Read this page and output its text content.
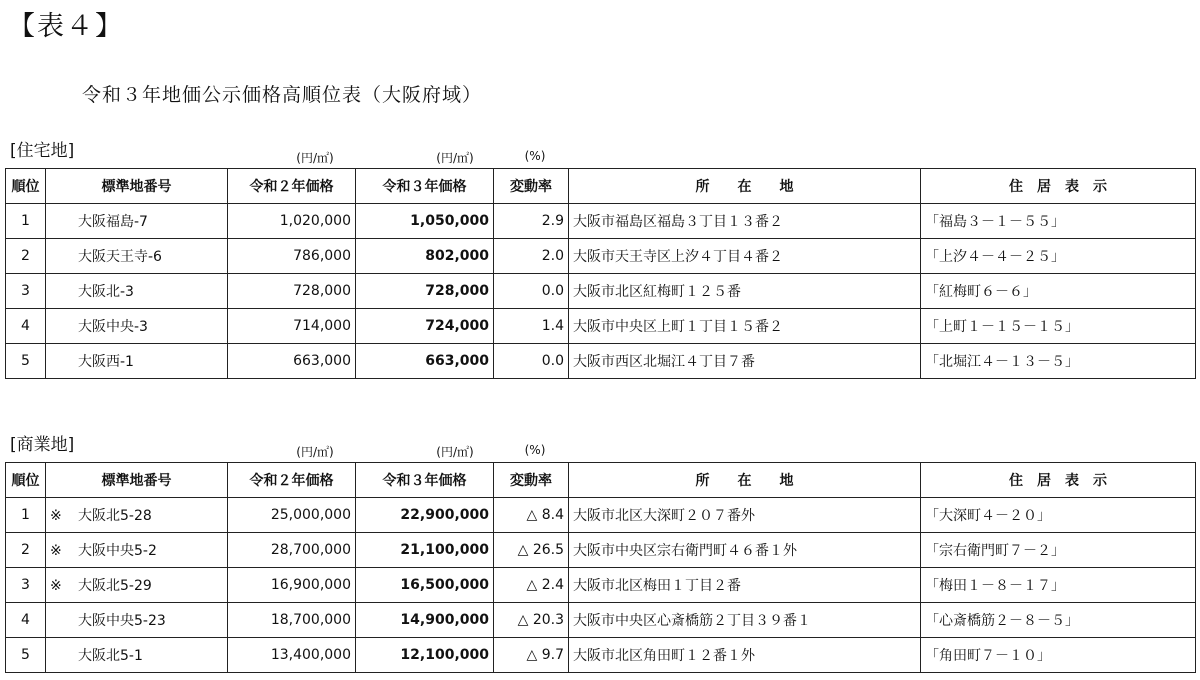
【表４】
令和３年地価公示価格高順位表（大阪府域）
[住宅地]	(円/㎡)	(円/㎡)	(%)
順位	標準地番号	令和２年価格	令和３年価格	変動率	所　　在　　地	住　居　表　示
1	大阪福島-7	1,020,000	1,050,000	2.9	大阪市福島区福島３丁目１３番２	「福島３－１－５５」
2	大阪天王寺-6	786,000	802,000	2.0	大阪市天王寺区上汐４丁目４番２	「上汐４－４－２５」
3	大阪北-3	728,000	728,000	0.0	大阪市北区紅梅町１２５番	「紅梅町６－６」
4	大阪中央-3	714,000	724,000	1.4	大阪市中央区上町１丁目１５番２	「上町１－１５－１５」
5	大阪西-1	663,000	663,000	0.0	大阪市西区北堀江４丁目７番	「北堀江４－１３－５」
[商業地]	(円/㎡)	(円/㎡)	(%)
順位	標準地番号	令和２年価格	令和３年価格	変動率	所　　在　　地	住　居　表　示
1	※ 大阪北5-28	25,000,000	22,900,000	△ 8.4	大阪市北区大深町２０７番外	「大深町４－２０」
2	※ 大阪中央5-2	28,700,000	21,100,000	△ 26.5	大阪市中央区宗右衛門町４６番１外	「宗右衛門町７－２」
3	※ 大阪北5-29	16,900,000	16,500,000	△ 2.4	大阪市北区梅田１丁目２番	「梅田１－８－１７」
4	大阪中央5-23	18,700,000	14,900,000	△ 20.3	大阪市中央区心斎橋筋２丁目３９番１	「心斎橋筋２－８－５」
5	大阪北5-1	13,400,000	12,100,000	△ 9.7	大阪市北区角田町１２番１外	「角田町７－１０」
